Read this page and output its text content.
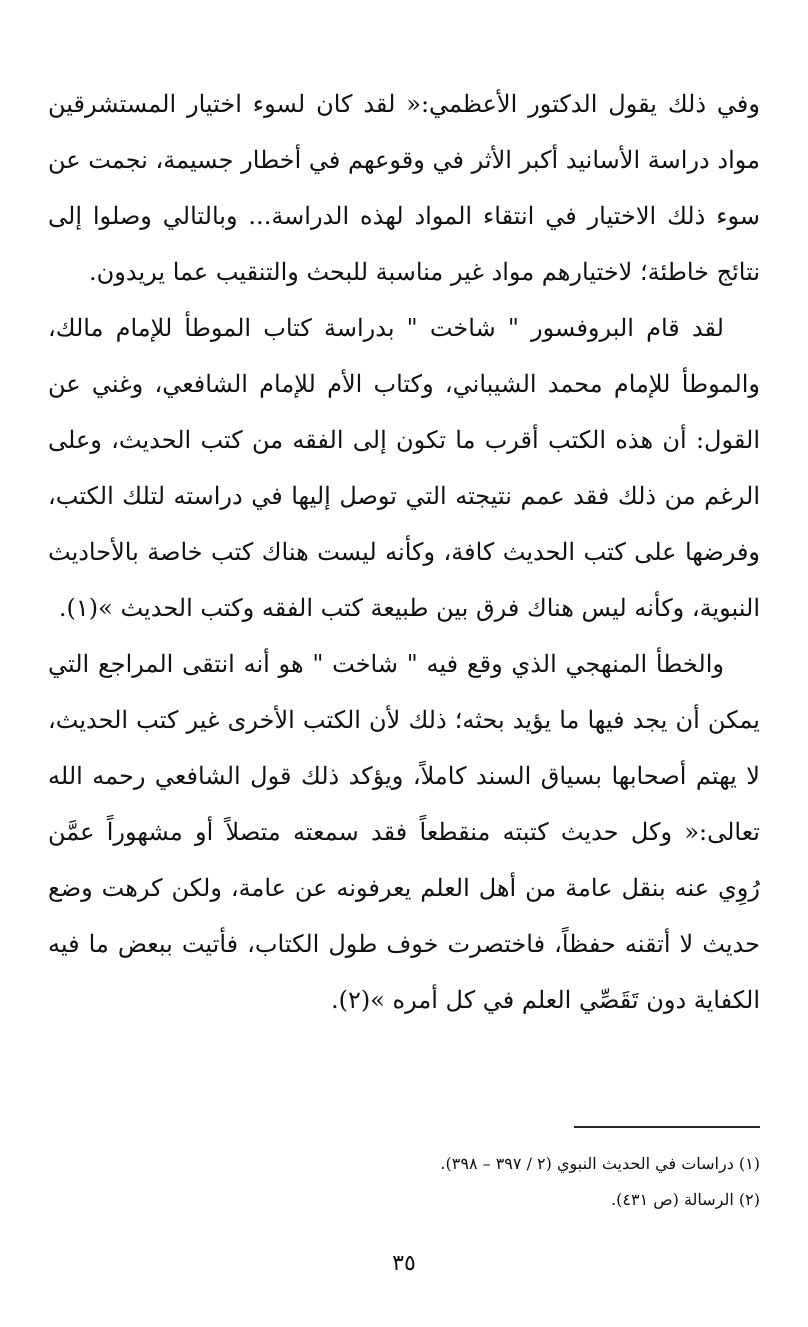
وفي ذلك يقول الدكتور الأعظمي:« لقد كان لسوء اختيار المستشرقين مواد دراسة الأسانيد أكبر الأثر في وقوعهم في أخطار جسيمة، نجمت عن سوء ذلك الاختيار في انتقاء المواد لهذه الدراسة... وبالتالي وصلوا إلى نتائج خاطئة؛ لاختيارهم مواد غير مناسبة للبحث والتنقيب عما يريدون.

لقد قام البروفسور " شاخت " بدراسة كتاب الموطأ للإمام مالك، والموطأ للإمام محمد الشيباني، وكتاب الأم للإمام الشافعي، وغني عن القول: أن هذه الكتب أقرب ما تكون إلى الفقه من كتب الحديث، وعلى الرغم من ذلك فقد عمم نتيجته التي توصل إليها في دراسته لتلك الكتب، وفرضها على كتب الحديث كافة، وكأنه ليست هناك كتب خاصة بالأحاديث النبوية، وكأنه ليس هناك فرق بين طبيعة كتب الفقه وكتب الحديث »(١).

والخطأ المنهجي الذي وقع فيه " شاخت " هو أنه انتقى المراجع التي يمكن أن يجد فيها ما يؤيد بحثه؛ ذلك لأن الكتب الأخرى غير كتب الحديث، لا يهتم أصحابها بسياق السند كاملاً، ويؤكد ذلك قول الشافعي رحمه الله تعالى:« وكل حديث كتبته منقطعاً فقد سمعته متصلاً أو مشهوراً عمَّن رُوِي عنه بنقل عامة من أهل العلم يعرفونه عن عامة، ولكن كرهت وضع حديث لا أتقنه حفظاً، فاختصرت خوف طول الكتاب، فأتيت ببعض ما فيه الكفاية دون تَقَصِّي العلم في كل أمره »(٢).

(١) دراسات في الحديث النبوي (٢ / ٣٩٧ – ٣٩٨).

(٢) الرسالة (ص ٤٣١).

٣٥
